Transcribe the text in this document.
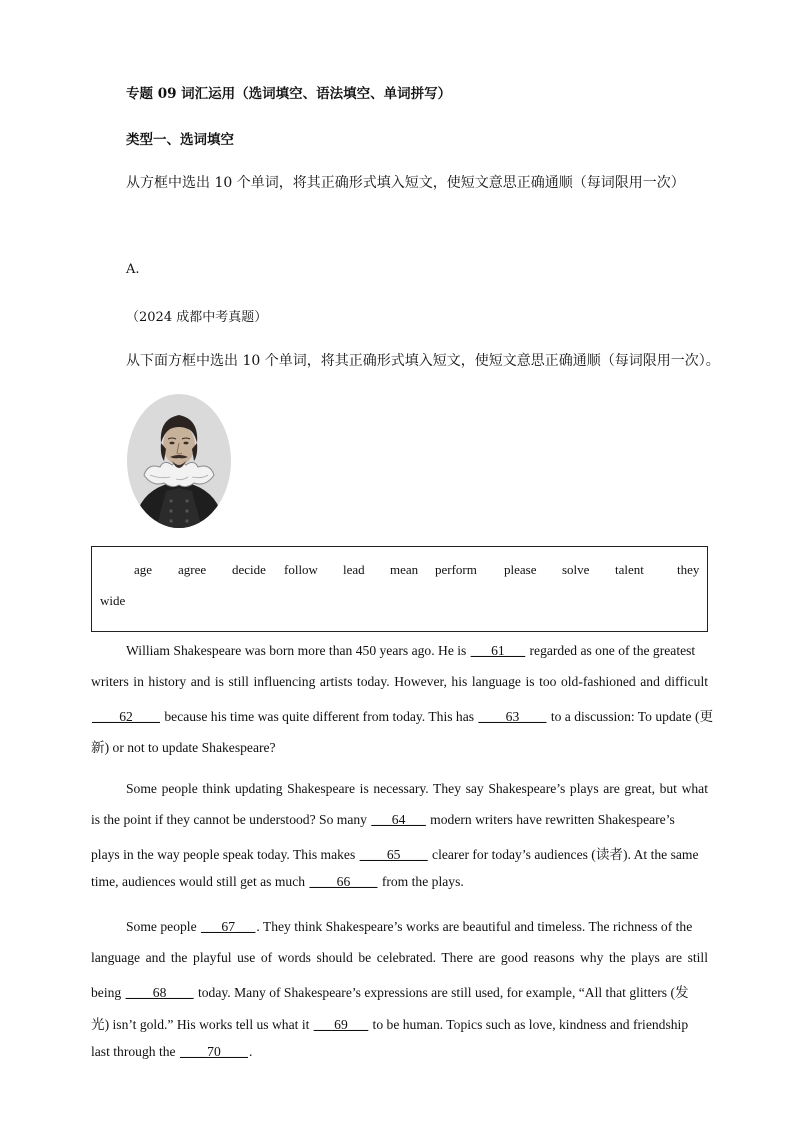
专题 09 词汇运用（选词填空、语法填空、单词拼写）
类型一、选词填空
从方框中选出 10 个单词，将其正确形式填入短文，使短文意思正确通顺（每词限用一次）
A.
（2024 成都中考真题）
从下面方框中选出 10 个单词，将其正确形式填入短文，使短文意思正确通顺（每词限用一次）。
age agree decide follow lead mean perform please solve talent	they
wide
William Shakespeare was born more than 450 years ago. He is ___61___ regarded as one of the greatest
writers in history and is still influencing artists today. However, his language is too old-fashioned and difficult
____62____ because his time was quite different from today. This has ____63____ to a discussion: To update (更
新) or not to update Shakespeare?
Some people think updating Shakespeare is necessary. They say Shakespeare’s plays are great, but what
is the point if they cannot be understood? So many ___64___ modern writers have rewritten Shakespeare’s
plays in the way people speak today. This makes ____65____ clearer for today’s audiences (读者). At the same
time, audiences would still get as much ____66____ from the plays.
Some people ___67___. They think Shakespeare’s works are beautiful and timeless. The richness of the
language and the playful use of words should be celebrated. There are good reasons why the plays are still
being ____68____ today. Many of Shakespeare’s expressions are still used, for example, “All that glitters (发
光) isn’t gold.” His works tell us what it ___69___ to be human. Topics such as love, kindness and friendship
last through the ____70____.
